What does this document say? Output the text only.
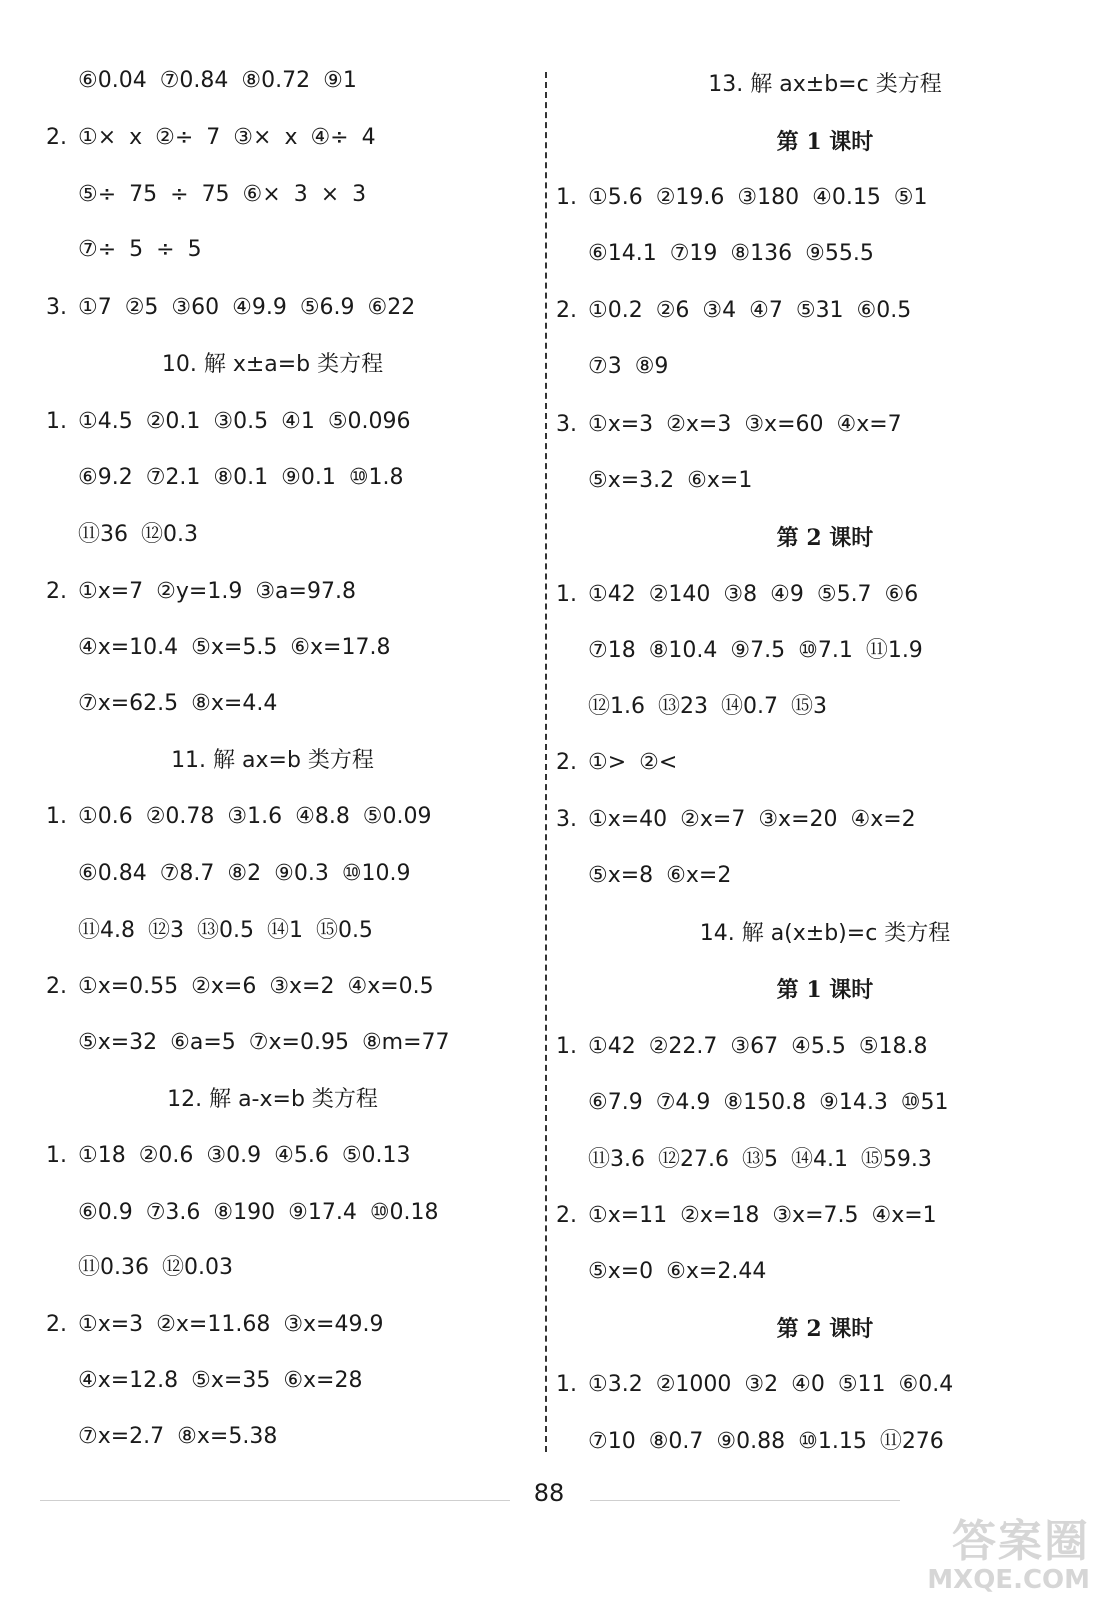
⑥0.04 ⑦0.84 ⑧0.72 ⑨1
2. ①× x ②÷ 7 ③× x ④÷ 4
⑤÷ 75 ÷ 75 ⑥× 3 × 3
⑦÷ 5 ÷ 5
3. ①7 ②5 ③60 ④9.9 ⑤6.9 ⑥22
10. 解 x±a=b 类方程
1. ①4.5 ②0.1 ③0.5 ④1 ⑤0.096
⑥9.2 ⑦2.1 ⑧0.1 ⑨0.1 ⑩1.8
⑪36 ⑫0.3
2. ①x=7 ②y=1.9 ③a=97.8
④x=10.4 ⑤x=5.5 ⑥x=17.8
⑦x=62.5 ⑧x=4.4
11. 解 ax=b 类方程
1. ①0.6 ②0.78 ③1.6 ④8.8 ⑤0.09
⑥0.84 ⑦8.7 ⑧2 ⑨0.3 ⑩10.9
⑪4.8 ⑫3 ⑬0.5 ⑭1 ⑮0.5
2. ①x=0.55 ②x=6 ③x=2 ④x=0.5
⑤x=32 ⑥a=5 ⑦x=0.95 ⑧m=77
12. 解 a-x=b 类方程
1. ①18 ②0.6 ③0.9 ④5.6 ⑤0.13
⑥0.9 ⑦3.6 ⑧190 ⑨17.4 ⑩0.18
⑪0.36 ⑫0.03
2. ①x=3 ②x=11.68 ③x=49.9
④x=12.8 ⑤x=35 ⑥x=28
⑦x=2.7 ⑧x=5.38
13. 解 ax±b=c 类方程
第 1 课时
1. ①5.6 ②19.6 ③180 ④0.15 ⑤1
⑥14.1 ⑦19 ⑧136 ⑨55.5
2. ①0.2 ②6 ③4 ④7 ⑤31 ⑥0.5
⑦3 ⑧9
3. ①x=3 ②x=3 ③x=60 ④x=7
⑤x=3.2 ⑥x=1
第 2 课时
1. ①42 ②140 ③8 ④9 ⑤5.7 ⑥6
⑦18 ⑧10.4 ⑨7.5 ⑩7.1 ⑪1.9
⑫1.6 ⑬23 ⑭0.7 ⑮3
2. ①> ②<
3. ①x=40 ②x=7 ③x=20 ④x=2
⑤x=8 ⑥x=2
14. 解 a(x±b)=c 类方程
第 1 课时
1. ①42 ②22.7 ③67 ④5.5 ⑤18.8
⑥7.9 ⑦4.9 ⑧150.8 ⑨14.3 ⑩51
⑪3.6 ⑫27.6 ⑬5 ⑭4.1 ⑮59.3
2. ①x=11 ②x=18 ③x=7.5 ④x=1
⑤x=0 ⑥x=2.44
第 2 课时
1. ①3.2 ②1000 ③2 ④0 ⑤11 ⑥0.4
⑦10 ⑧0.7 ⑨0.88 ⑩1.15 ⑪276
88
答案圈
MXQE.COM
